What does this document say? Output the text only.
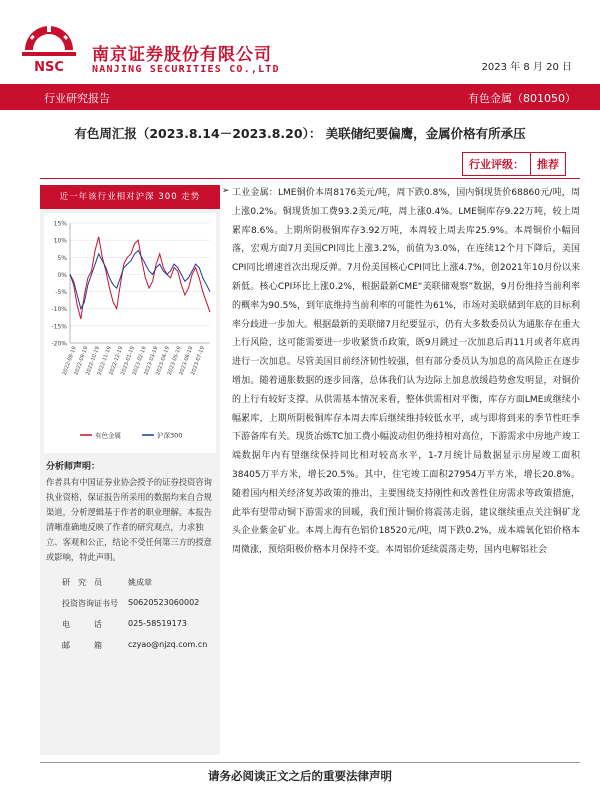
NSC
南京证券股份有限公司
NANJING SECURITIES CO.,LTD	2023 年 8 月 20 日
行业研究报告	有色金属（801050）
有色周汇报（2023.8.14－2023.8.20）： 美联储纪要偏鹰，金属价格有所承压
行业评级：	推荐
近一年该行业相对沪深 300 走势
15%
10%
5%
0%
-5%
-10%
-15%
-20%
2022-08-19
2022-09-19
2022-10-19
2022-11-19
2022-12-19
2023-01-19
2023-02-19
2023-03-19
2023-04-19
2023-05-19
2023-06-19
2023-07-19
有色金属	沪深300
分析师声明：
作者具有中国证券业协会授予的证券投资咨询执业资格，保证报告所采用的数据均来自合规渠道，分析逻辑基于作者的职业理解。本报告清晰准确地反映了作者的研究观点，力求独立、客观和公正，结论不受任何第三方的授意或影响，特此声明。
研　究　员	姚成章
投资咨询证书号 S0620523060002
电　　　话	025-58519173
邮　　　箱	czyao@njzq.com.cn
➢ 工业金属：LME铜价本周8176美元/吨，周下跌0.8%，国内铜现货价68860元/吨，周上涨0.2%。铜现货加工费93.2美元/吨，周上涨0.4%。LME铜库存9.22万吨，较上周累库8.6%。上期所阴极铜库存3.92万吨，本周较上周去库25.9%。本周铜价小幅回落，宏观方面7月美国CPI同比上涨3.2%，前值为3.0%，在连续12个月下降后，美国CPI同比增速首次出现反弹。7月份美国核心CPI同比上涨4.7%，创2021年10月份以来新低。核心CPI环比上涨0.2%，根据最新CME“美联储观察”数据，9月份维持当前利率的概率为90.5%，到年底维持当前利率的可能性为61%，市场对美联储到年底的目标利率分歧进一步加大。根据最新的美联储7月纪要显示，仍有大多数委员认为通胀存在重大上行风险，这可能需要进一步收紧货币政策，既9月跳过一次加息后再11月或者年底再进行一次加息。尽管美国目前经济韧性较强，但有部分委员认为加息的高风险正在逐步增加。随着通胀数据的逐步回落，总体我们认为边际上加息放缓趋势愈发明显，对铜价的上行有较好支撑。从供需基本情况来看，整体供需相对平衡，库存方面LME或继续小幅累库，上期所阴极铜库存本周去库后继续维持较低水平，或与即将到来的季节性旺季下游备库有关。现货冶炼TC加工费小幅波动但仍维持相对高位，下游需求中房地产竣工端数据年内有望继续保持同比相对较高水平，1-7月统计局数据显示房屋竣工面积38405万平方米，增长20.5%。其中，住宅竣工面积27954万平方米，增长20.8%。随着国内相关经济复苏政策的推出，主要围绕支持刚性和改善性住房需求等政策措施，此举有望带动铜下游需求的回暖，我们预计铜价将震荡走弱，建议继续重点关注铜矿龙头企业紫金矿业。本周上海有色铝价18520元/吨，周下跌0.2%，成本端氧化铝价格本周微涨，预焙阳极价格本月保持不变。本周铝价延续震荡走势，国内电解铝社会
请务必阅读正文之后的重要法律声明
